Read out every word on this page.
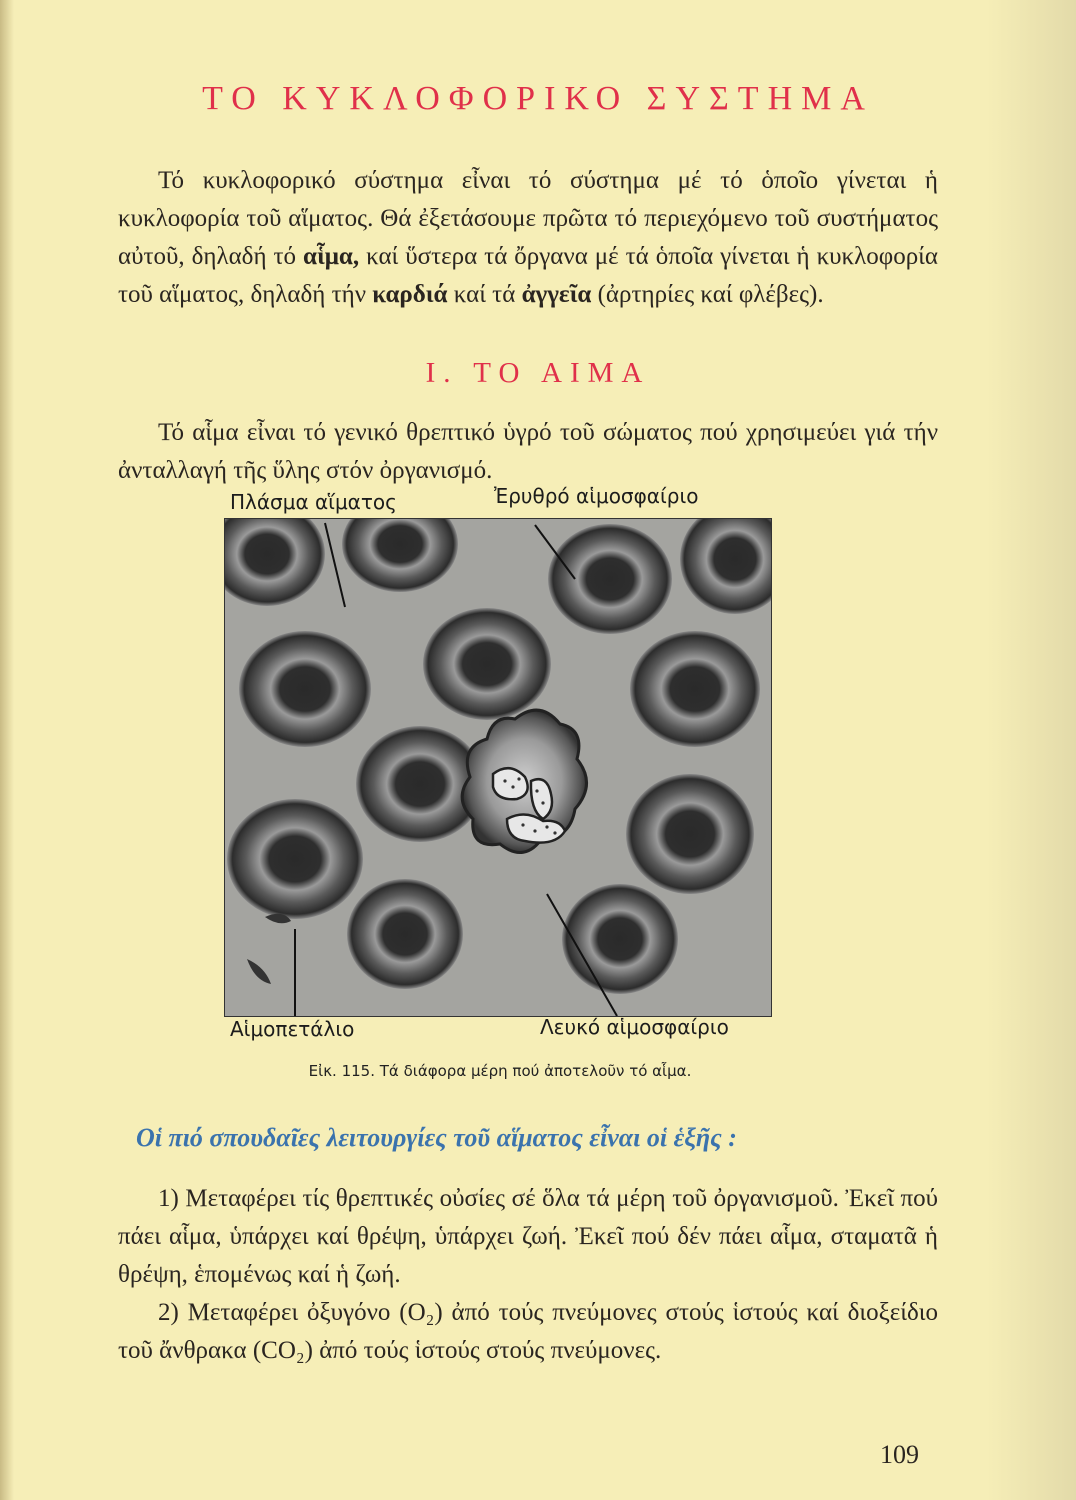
ΤΟ ΚΥΚΛΟΦΟΡΙΚΟ ΣΥΣΤΗΜΑ

Τό κυκλοφορικό σύστημα εἶναι τό σύστημα μέ τό ὁποῖο γίνεται ἡ κυκλοφορία τοῦ αἵματος. Θά ἐξετάσουμε πρῶτα τό περιεχόμενο τοῦ συστήματος αὐτοῦ, δηλαδή τό αἷμα, καί ὕστερα τά ὄργανα μέ τά ὁποῖα γίνεται ἡ κυκλοφορία τοῦ αἵματος, δηλαδή τήν καρδιά καί τά ἀγγεῖα (ἀρτηρίες καί φλέβες).

Ι. ΤΟ ΑΙΜΑ

Τό αἷμα εἶναι τό γενικό θρεπτικό ὑγρό τοῦ σώματος πού χρησιμεύει γιά τήν ἀνταλλαγή τῆς ὕλης στόν ὀργανισμό.

Πλάσμα αἵματος	Ἐρυθρό αἱμοσφαίριο
Αἱμοπετάλιο	Λευκό αἱμοσφαίριο
Εἰκ. 115. Τά διάφορα μέρη πού ἀποτελοῦν τό αἷμα.
Οἱ πιό σπουδαῖες λειτουργίες τοῦ αἵματος εἶναι οἱ ἑξῆς :

1) Μεταφέρει τίς θρεπτικές οὐσίες σέ ὅλα τά μέρη τοῦ ὀργανισμοῦ. Ἐκεῖ πού πάει αἷμα, ὑπάρχει καί θρέψη, ὑπάρχει ζωή. Ἐκεῖ πού δέν πάει αἷμα, σταματᾶ ἡ θρέψη, ἑπομένως καί ἡ ζωή.

2) Μεταφέρει ὀξυγόνο (O₂) ἀπό τούς πνεύμονες στούς ἱστούς καί διοξείδιο τοῦ ἄνθρακα (CO₂) ἀπό τούς ἱστούς στούς πνεύμονες.

109
